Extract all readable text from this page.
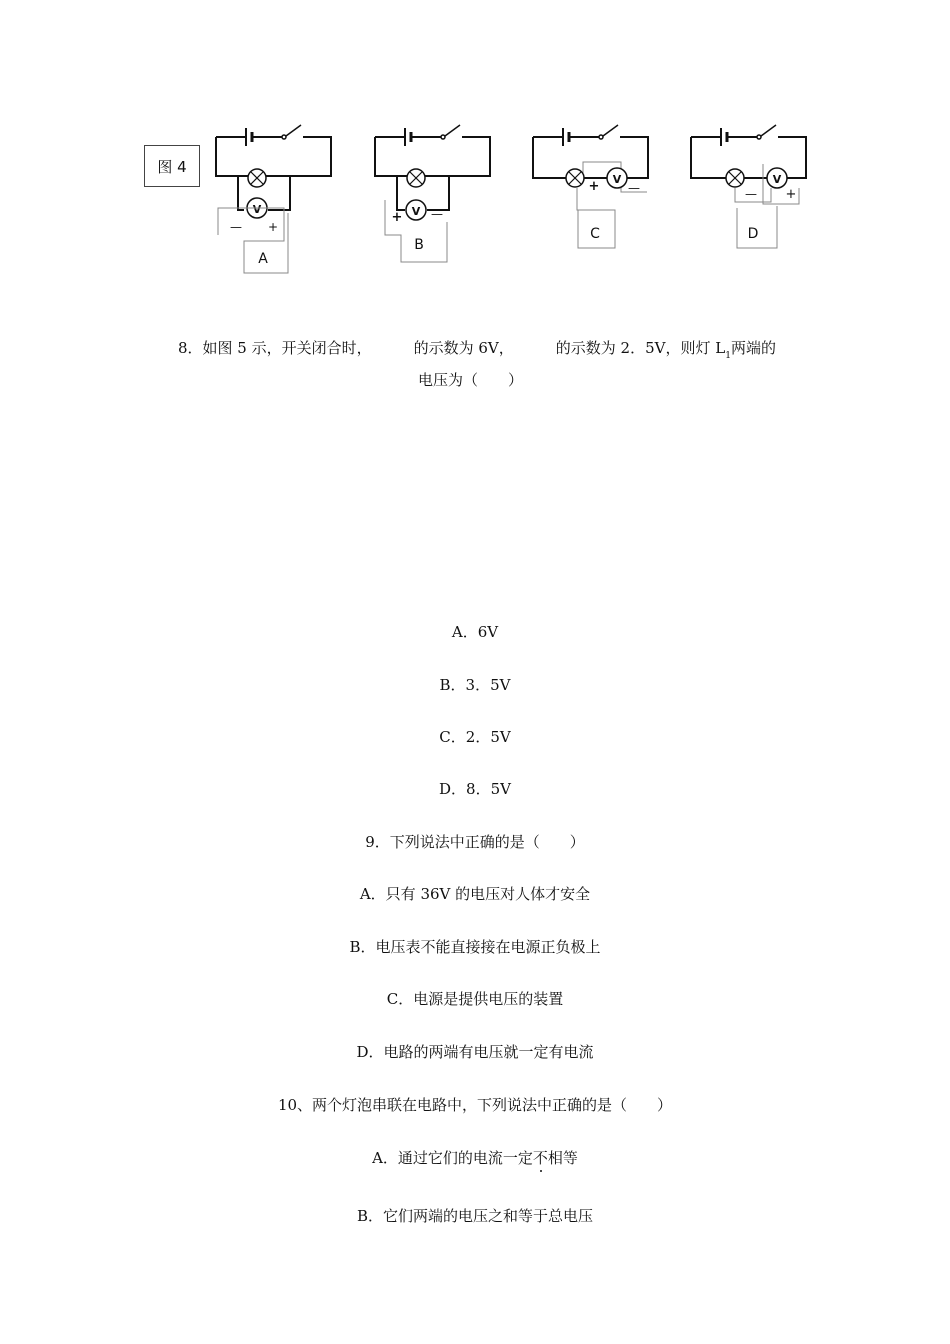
图 4
V
— +
A
V
+ —
B
V
+ —
C
V
— +
D
8．如图 5 示，开关闭合时，	的示数为 6V，	的示数为 2．5V，则灯 $L_1$两端的
电压为（　　）
A．6V
B．3．5V
C．2．5V
D．8．5V
9．下列说法中正确的是（　　）
A．只有 36V 的电压对人体才安全
B．电压表不能直接接在电源正负极上
C．电源是提供电压的装置
D．电路的两端有电压就一定有电流
10、两个灯泡串联在电路中，下列说法中正确的是（　　）
A．通过它们的电流一定不相等
B．它们两端的电压之和等于总电压
